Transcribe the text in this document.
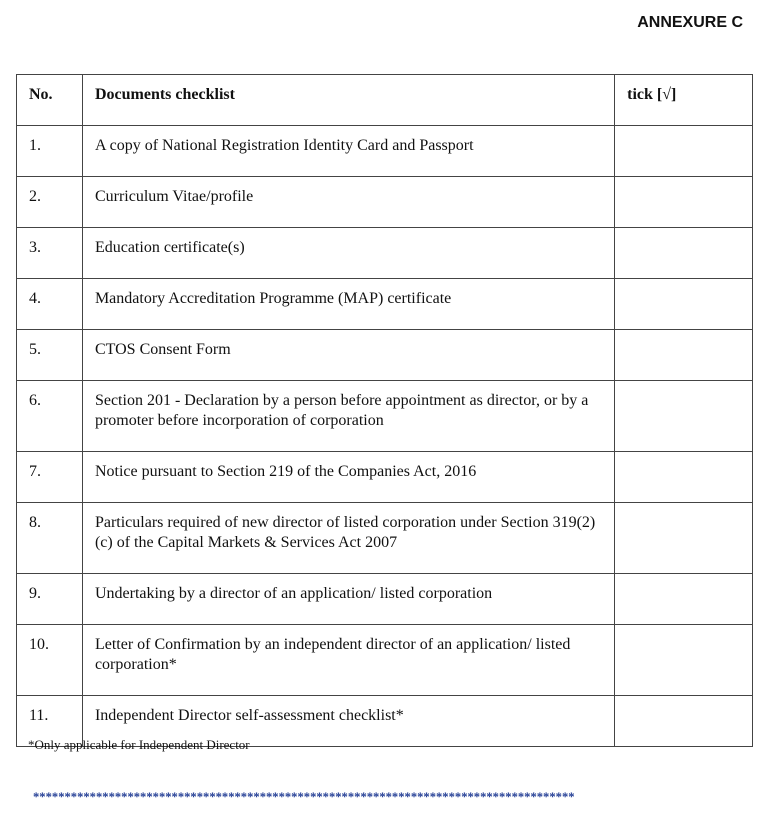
ANNEXURE C
No.	Documents checklist	tick [√]
1.	A copy of National Registration Identity Card and Passport	
2.	Curriculum Vitae/profile	
3.	Education certificate(s)	
4.	Mandatory Accreditation Programme (MAP) certificate	
5.	CTOS Consent Form	
6.	Section 201 - Declaration by a person before appointment as director, or by a promoter before incorporation of corporation	
7.	Notice pursuant to Section 219 of the Companies Act, 2016	
8.	Particulars required of new director of listed corporation under Section 319(2)(c) of the Capital Markets & Services Act 2007	
9.	Undertaking by a director of an application/ listed corporation	
10.	Letter of Confirmation by an independent director of an application/ listed corporation*	
11.	Independent Director self-assessment checklist*	
*Only applicable for Independent Director
**************************************************************************************
